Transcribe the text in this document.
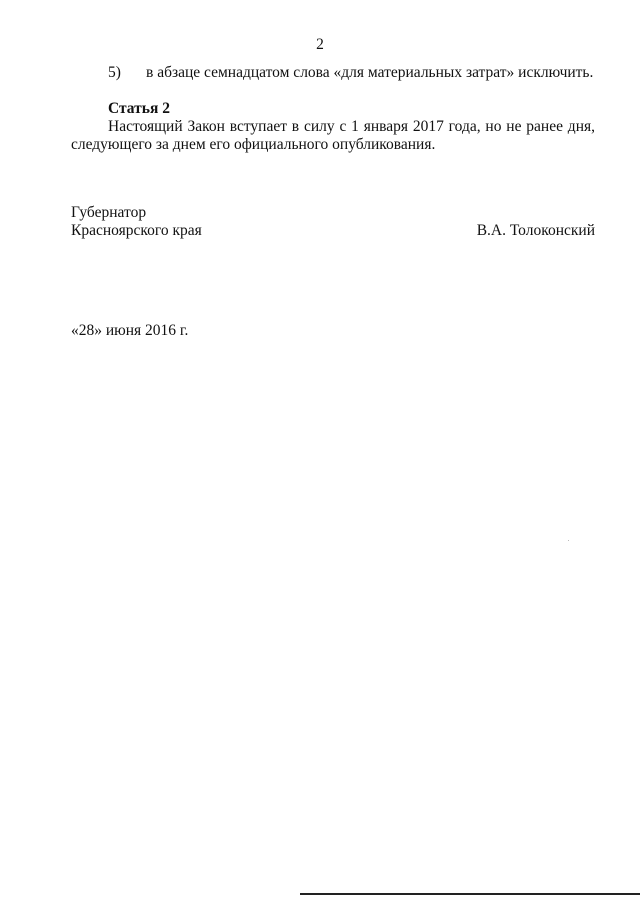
2

5) в абзаце семнадцатом слова «для материальных затрат» исключить.

Статья 2

Настоящий Закон вступает в силу с 1 января 2017 года, но не ранее дня,

следующего за днем его официального опубликования.

Губернатор

Красноярского края	В.А. Толоконский

«28» июня 2016 г.
